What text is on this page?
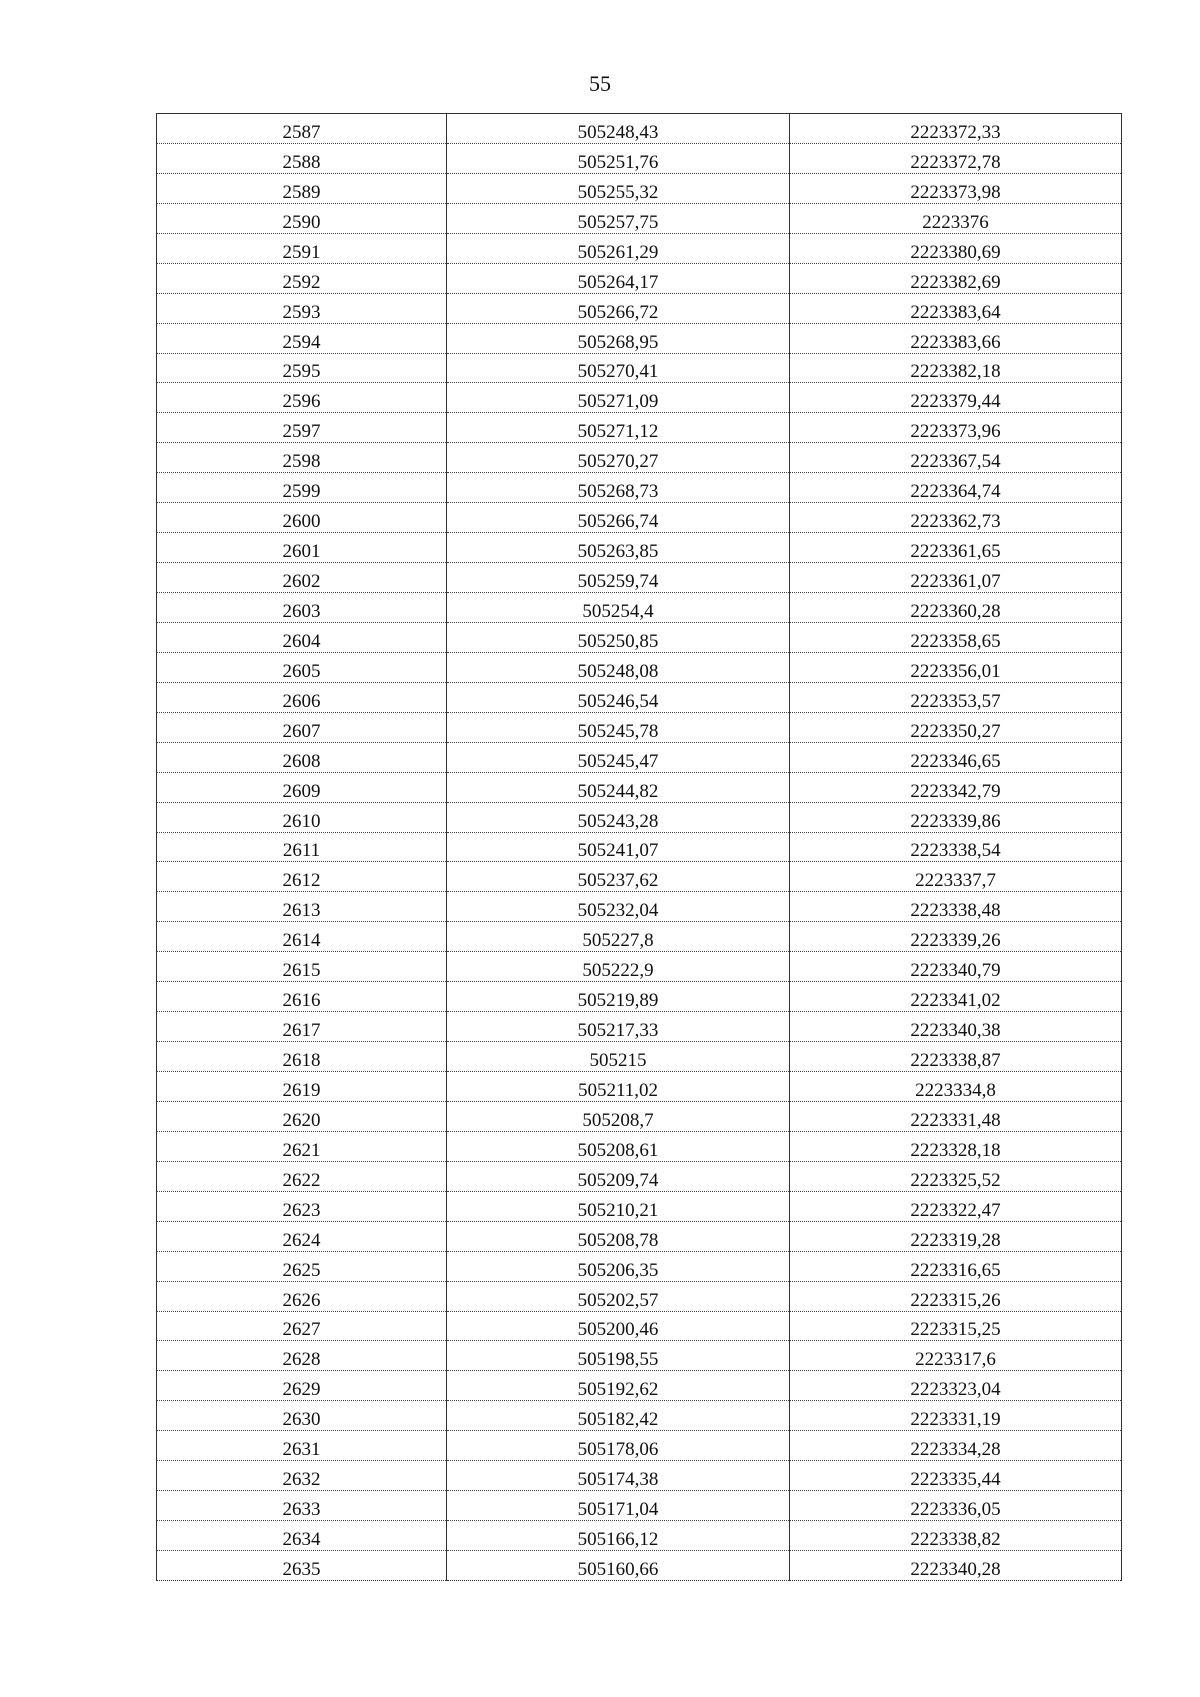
55
2587	505248,43	2223372,33
2588	505251,76	2223372,78
2589	505255,32	2223373,98
2590	505257,75	2223376
2591	505261,29	2223380,69
2592	505264,17	2223382,69
2593	505266,72	2223383,64
2594	505268,95	2223383,66
2595	505270,41	2223382,18
2596	505271,09	2223379,44
2597	505271,12	2223373,96
2598	505270,27	2223367,54
2599	505268,73	2223364,74
2600	505266,74	2223362,73
2601	505263,85	2223361,65
2602	505259,74	2223361,07
2603	505254,4	2223360,28
2604	505250,85	2223358,65
2605	505248,08	2223356,01
2606	505246,54	2223353,57
2607	505245,78	2223350,27
2608	505245,47	2223346,65
2609	505244,82	2223342,79
2610	505243,28	2223339,86
2611	505241,07	2223338,54
2612	505237,62	2223337,7
2613	505232,04	2223338,48
2614	505227,8	2223339,26
2615	505222,9	2223340,79
2616	505219,89	2223341,02
2617	505217,33	2223340,38
2618	505215	2223338,87
2619	505211,02	2223334,8
2620	505208,7	2223331,48
2621	505208,61	2223328,18
2622	505209,74	2223325,52
2623	505210,21	2223322,47
2624	505208,78	2223319,28
2625	505206,35	2223316,65
2626	505202,57	2223315,26
2627	505200,46	2223315,25
2628	505198,55	2223317,6
2629	505192,62	2223323,04
2630	505182,42	2223331,19
2631	505178,06	2223334,28
2632	505174,38	2223335,44
2633	505171,04	2223336,05
2634	505166,12	2223338,82
2635	505160,66	2223340,28
